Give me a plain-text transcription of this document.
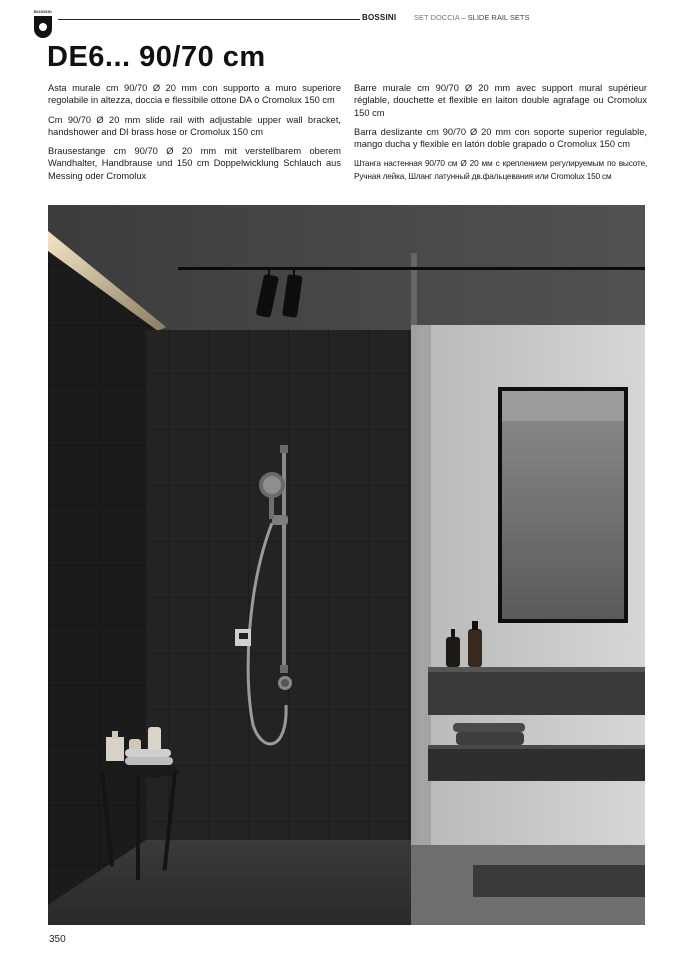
BOSSINI
BOSSINI SET DOCCIA – SLIDE RAIL SETS
DE6... 90/70 cm

Asta murale cm 90/70 Ø 20 mm con supporto a muro superiore regolabile in altezza, doccia e flessibile ottone DA o Cromolux 150 cm

Cm 90/70 Ø 20 mm slide rail with adjustable upper wall bracket, handshower and DI brass hose or Cromolux 150 cm

Brausestange cm 90/70 Ø 20 mm mit verstellbarem oberem Wandhalter, Handbrause und 150 cm Doppelwicklung Schlauch aus Messing oder Cromolux

Barre murale cm 90/70 Ø 20 mm avec support mural supérieur réglable, douchette et flexible en laiton double agrafage ou Cromolux 150 cm

Barra deslizante cm 90/70 Ø 20 mm con soporte superior regulable, mango ducha y flexible en latón doble grapado o Cromolux 150 cm

Штанга настенная 90/70 см Ø 20 мм с креплением регулируемым по высоте, Ручная лейка, Шланг латунный дв.фальцевания или Cromolux 150 см

350
